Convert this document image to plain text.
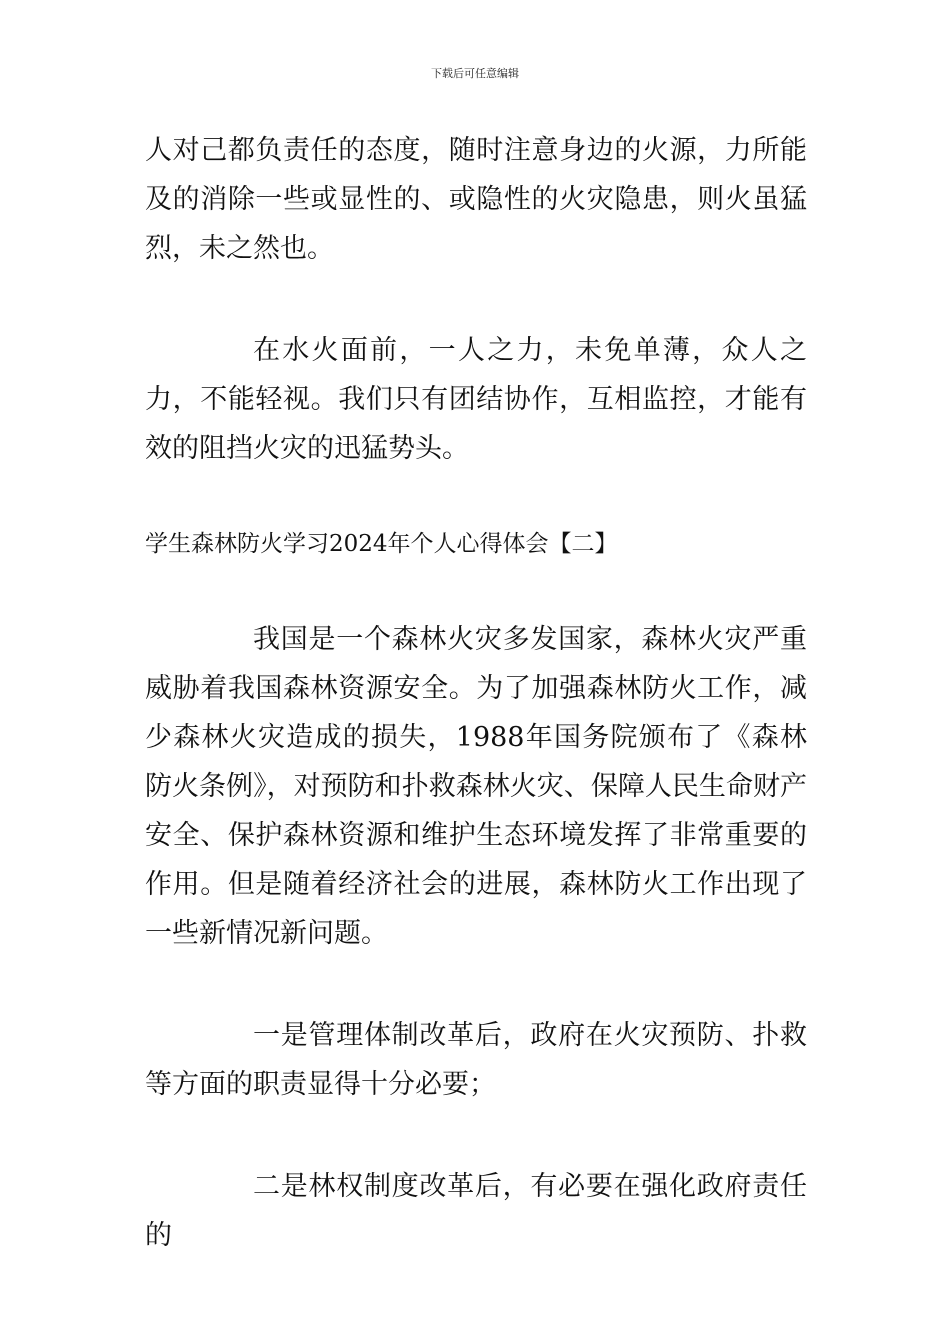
下载后可任意编辑

人对己都负责任的态度，随时注意身边的火源，力所能及的消除一些或显性的、或隐性的火灾隐患，则火虽猛烈，未之然也。

在水火面前，一人之力，未免单薄，众人之力，不能轻视。我们只有团结协作，互相监控，才能有效的阻挡火灾的迅猛势头。

学生森林防火学习2024年个人心得体会【二】

我国是一个森林火灾多发国家，森林火灾严重威胁着我国森林资源安全。为了加强森林防火工作，减少森林火灾造成的损失，1988年国务院颁布了《森林防火条例》，对预防和扑救森林火灾、保障人民生命财产安全、保护森林资源和维护生态环境发挥了非常重要的作用。但是随着经济社会的进展，森林防火工作出现了一些新情况新问题。

一是管理体制改革后，政府在火灾预防、扑救等方面的职责显得十分必要；

二是林权制度改革后，有必要在强化政府责任的
